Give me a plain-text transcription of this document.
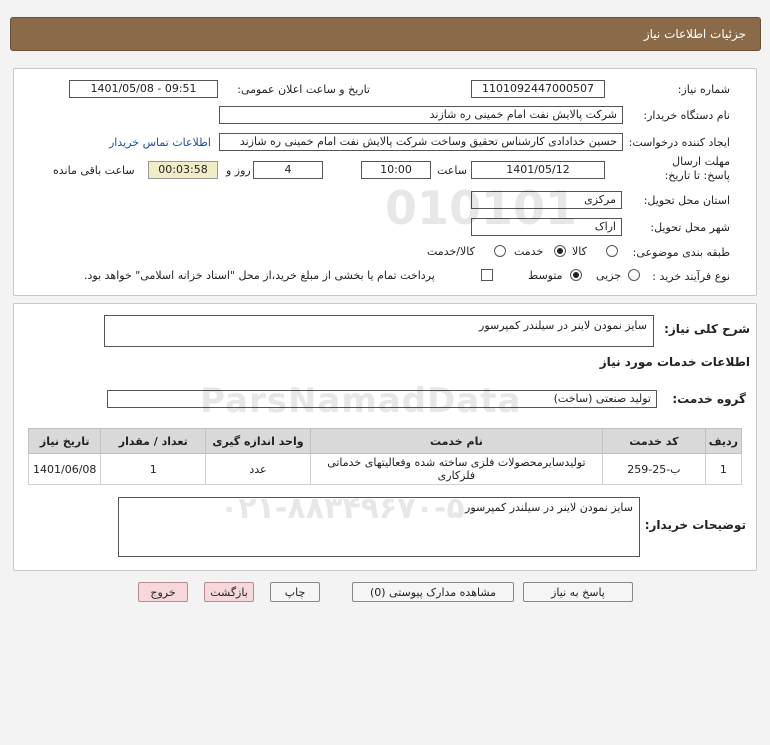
جزئیات اطلاعات نیاز
شماره نیاز:
1101092447000507
تاریخ و ساعت اعلان عمومی:
1401/05/08 - 09:51
نام دستگاه خریدار:
شرکت پالایش نفت امام خمینی ره شازند
ایجاد کننده درخواست:
حسین خدادادی کارشناس تحقیق وساخت شرکت پالایش نفت امام خمینی ره شازند
اطلاعات تماس خریدار
مهلت ارسال پاسخ: تا تاریخ:
1401/05/12
ساعت
10:00
4
روز و
00:03:58
ساعت باقی مانده
استان محل تحویل:
مرکزی
شهر محل تحویل:
اراک
طبقه بندی موضوعی:
کالا
خدمت
کالا/خدمت
نوع فرآیند خرید :
جزیی
متوسط
پرداخت تمام یا بخشی از مبلغ خرید،از محل "اسناد خزانه اسلامی" خواهد بود.
شرح کلی نیاز:
سایز نمودن لاینر در سیلندر کمپرسور
اطلاعات خدمات مورد نیاز
گروه خدمت:
تولید صنعتی (ساخت)
ردیف	کد خدمت	نام خدمت	واحد اندازه گیری	تعداد / مقدار	تاریخ نیاز
1	ب-25-259	تولیدسایرمحصولات فلزی ساخته شده وفعالیتهای خدماتی فلزکاری	عدد	1	1401/06/08
توضیحات خریدار:
سایز نمودن لاینر در سیلندر کمپرسور
پاسخ به نیاز
مشاهده مدارک پیوستی (0)
چاپ
بازگشت
خروج
